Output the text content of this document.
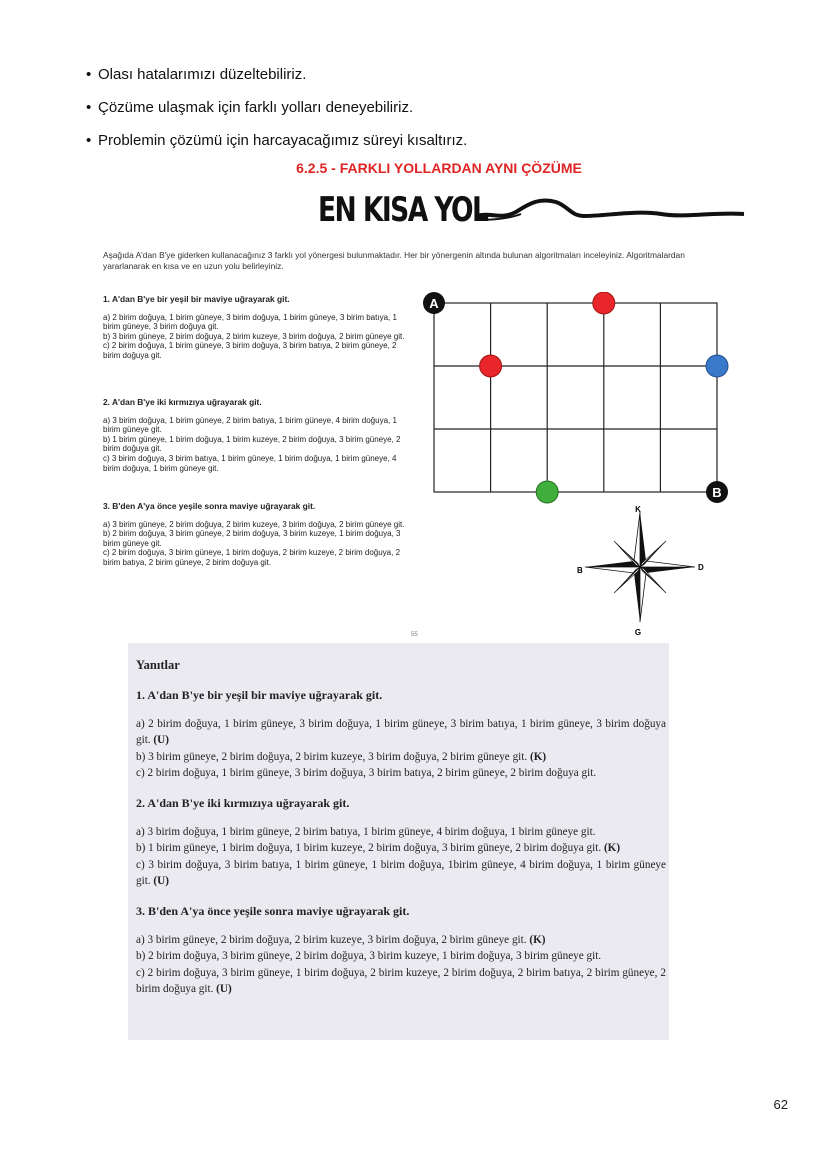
• Olası hatalarımızı düzeltebiliriz.
• Çözüme ulaşmak için farklı yolları deneyebiliriz.
• Problemin çözümü için harcayacağımız süreyi kısaltırız.
6.2.5 - FARKLI YOLLARDAN AYNI ÇÖZÜME
EN KISA YOL
Aşağıda A'dan B'ye giderken kullanacağınız 3 farklı yol yönergesi bulunmaktadır. Her bir yönergenin altında bulunan algoritmaları inceleyiniz. Algoritmalardan yararlanarak en kısa ve en uzun yolu belirleyiniz.
1. A'dan B'ye bir yeşil bir maviye uğrayarak git.

a) 2 birim doğuya, 1 birim güneye, 3 birim doğuya, 1 birim güneye, 3 birim batıya, 1 birim güneye, 3 birim doğuya git.

b) 3 birim güneye, 2 birim doğuya, 2 birim kuzeye, 3 birim doğuya, 2 birim güneye git.

c) 2 birim doğuya, 1 birim güneye, 3 birim doğuya, 3 birim batıya, 2 birim güneye, 2 birim doğuya git.

2. A'dan B'ye iki kırmızıya uğrayarak git.

a) 3 birim doğuya, 1 birim güneye, 2 birim batıya, 1 birim güneye, 4 birim doğuya, 1 birim güneye git.

b) 1 birim güneye, 1 birim doğuya, 1 birim kuzeye, 2 birim doğuya, 3 birim güneye, 2 birim doğuya git.

c) 3 birim doğuya, 3 birim batıya, 1 birim güneye, 1 birim doğuya, 1 birim güneye, 4 birim doğuya, 1 birim güneye git.

3. B'den A'ya önce yeşile sonra maviye uğrayarak git.

a) 3 birim güneye, 2 birim doğuya, 2 birim kuzeye, 3 birim doğuya, 2 birim güneye git.

b) 2 birim doğuya, 3 birim güneye, 2 birim doğuya, 3 birim kuzeye, 1 birim doğuya, 3 birim güneye git.

c) 2 birim doğuya, 3 birim güneye, 1 birim doğuya, 2 birim kuzeye, 2 birim doğuya, 2 birim batıya, 2 birim güneye, 2 birim doğuya git.

A
B
K
G
D
B
55
Yanıtlar
1. A'dan B'ye bir yeşil bir maviye uğrayarak git.

a) 2 birim doğuya, 1 birim güneye, 3 birim doğuya, 1 birim güneye, 3 birim batıya, 1 birim güneye, 3 birim doğuya git. (U)

b) 3 birim güneye, 2 birim doğuya, 2 birim kuzeye, 3 birim doğuya, 2 birim güneye git. (K)

c) 2 birim doğuya, 1 birim güneye, 3 birim doğuya, 3 birim batıya, 2 birim güneye, 2 birim doğuya git.

2. A'dan B'ye iki kırmızıya uğrayarak git.

a) 3 birim doğuya, 1 birim güneye, 2 birim batıya, 1 birim güneye, 4 birim doğuya, 1 birim güneye git.

b) 1 birim güneye, 1 birim doğuya, 1 birim kuzeye, 2 birim doğuya, 3 birim güneye, 2 birim doğuya git. (K)

c) 3 birim doğuya, 3 birim batıya, 1 birim güneye, 1 birim doğuya, 1birim güneye, 4 birim doğuya, 1 birim güneye git. (U)

3. B'den A'ya önce yeşile sonra maviye uğrayarak git.

a) 3 birim güneye, 2 birim doğuya, 2 birim kuzeye, 3 birim doğuya, 2 birim güneye git. (K)

b) 2 birim doğuya, 3 birim güneye, 2 birim doğuya, 3 birim kuzeye, 1 birim doğuya, 3 birim güneye git.

c) 2 birim doğuya, 3 birim güneye, 1 birim doğuya, 2 birim kuzeye, 2 birim doğuya, 2 birim batıya, 2 birim güneye, 2 birim doğuya git. (U)

62
